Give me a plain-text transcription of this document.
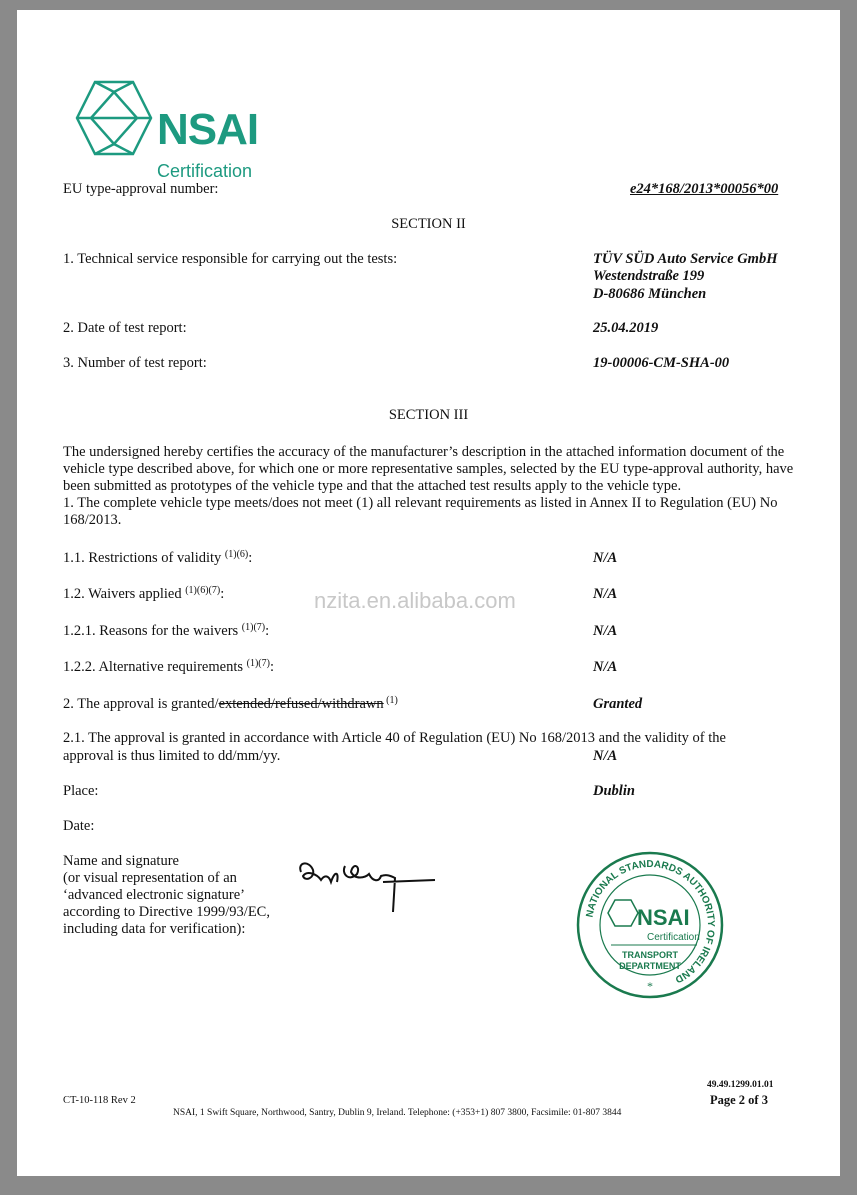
NSAI
Certification
EU type-approval number:	e24*168/2013*00056*00
SECTION II
1. Technical service responsible for carrying out the tests:	TÜV SÜD Auto Service GmbH
Westendstraße 199
D-80686 München
2. Date of test report:	25.04.2019
3. Number of test report:	19-00006-CM-SHA-00
SECTION III
The undersigned hereby certifies the accuracy of the manufacturer’s description in the attached information document of the vehicle type described above, for which one or more representative samples, selected by the EU type-approval authority, have been submitted as prototypes of the vehicle type and that the attached test results apply to the vehicle type.
1. The complete vehicle type meets/does not meet (1) all relevant requirements as listed in Annex II to Regulation (EU) No 168/2013.
1.1. Restrictions of validity $^{(1)(6)}$:	N/A
1.2. Waivers applied $^{(1)(6)(7)}$:	N/A
1.2.1. Reasons for the waivers $^{(1)(7)}$:	N/A
1.2.2. Alternative requirements $^{(1)(7)}$:	N/A
2. The approval is granted/extended/refused/withdrawn $^{(1)}$	Granted
2.1. The approval is granted in accordance with Article 40 of Regulation (EU) No 168/2013 and the validity of the
approval is thus limited to dd/mm/yy.	N/A
Place:	Dublin
Date:
Name and signature
(or visual representation of an
‘advanced electronic signature’
according to Directive 1999/93/EC,
including data for verification):
nzita.en.alibaba.com
NATIONAL STANDARDS AUTHORITY OF IRELAND
NSAI
Certification
TRANSPORT
DEPARTMENT
*
49.49.1299.01.01
CT-10-118 Rev 2	Page 2 of 3
NSAI, 1 Swift Square, Northwood, Santry, Dublin 9, Ireland. Telephone: (+353+1) 807 3800, Facsimile: 01-807 3844
